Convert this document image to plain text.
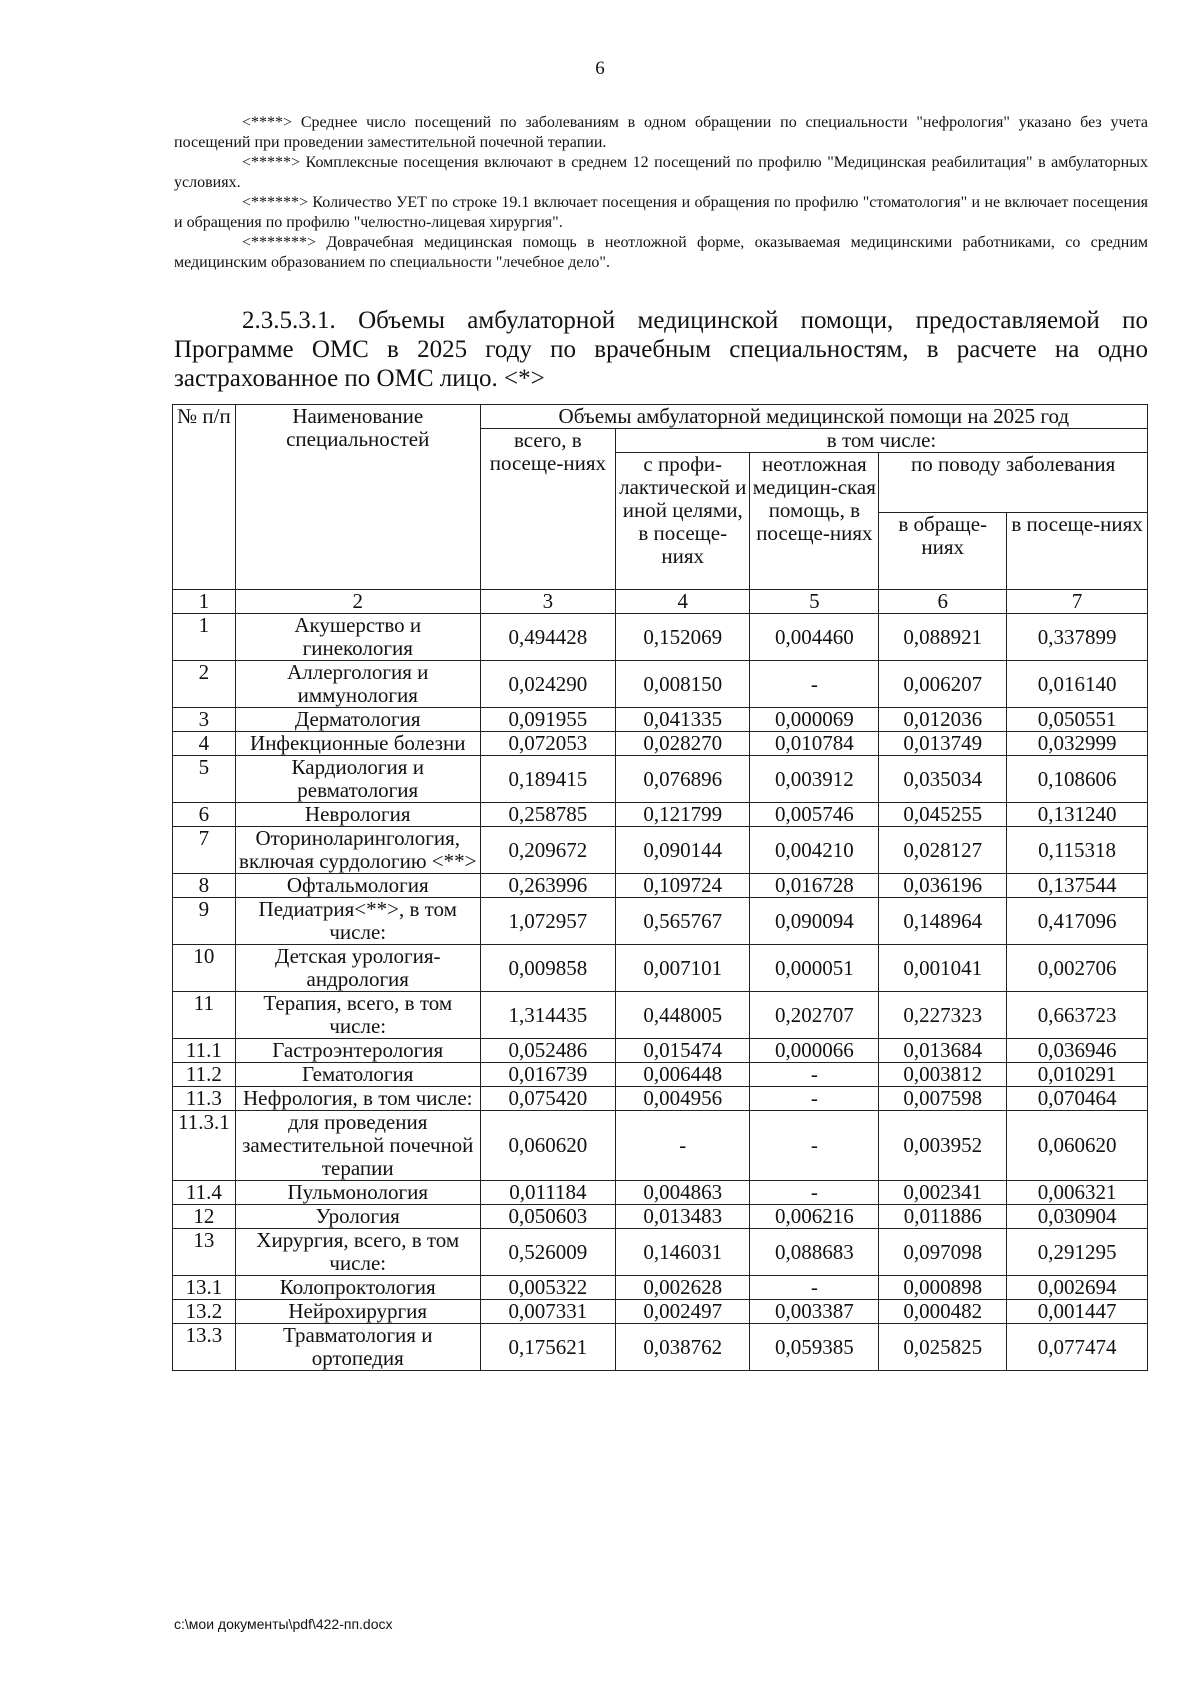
6

<****> Среднее число посещений по заболеваниям в одном обращении по специальности "нефрология" указано без учета посещений при проведении заместительной почечной терапии.

<*****> Комплексные посещения включают в среднем 12 посещений по профилю "Медицинская реабилитация" в амбулаторных условиях.

<******> Количество УЕТ по строке 19.1 включает посещения и обращения по профилю "стоматология" и не включает посещения и обращения по профилю "челюстно-лицевая хирургия".

<*******> Доврачебная медицинская помощь в неотложной форме, оказываемая медицинскими работниками, со средним медицинским образованием по специальности "лечебное дело".

2.3.5.3.1. Объемы амбулаторной медицинской помощи, предоставляемой по Программе ОМС в 2025 году по врачебным специальностям, в расчете на одно застрахованное по ОМС лицо. <*>

№ п/п	Наименование специальностей	Объемы амбулаторной медицинской помощи на 2025 год				
		всего, в посеще-ниях	в том числе:			
			с профи-лактической и иной целями, в посеще-ниях	неотложная медицин-ская помощь, в посеще-ниях	по поводу заболевания	
					в обраще-ниях	в посеще-ниях
1	2	3	4	5	6	7
1	Акушерство и гинекология	0,494428	0,152069	0,004460	0,088921	0,337899
2	Аллергология и иммунология	0,024290	0,008150	-	0,006207	0,016140
3	Дерматология	0,091955	0,041335	0,000069	0,012036	0,050551
4	Инфекционные болезни	0,072053	0,028270	0,010784	0,013749	0,032999
5	Кардиология и ревматология	0,189415	0,076896	0,003912	0,035034	0,108606
6	Неврология	0,258785	0,121799	0,005746	0,045255	0,131240
7	Оториноларингология, включая сурдологию <**>	0,209672	0,090144	0,004210	0,028127	0,115318
8	Офтальмология	0,263996	0,109724	0,016728	0,036196	0,137544
9	Педиатрия<**>, в том числе:	1,072957	0,565767	0,090094	0,148964	0,417096
10	Детская урология-андрология	0,009858	0,007101	0,000051	0,001041	0,002706
11	Терапия, всего, в том числе:	1,314435	0,448005	0,202707	0,227323	0,663723
11.1	Гастроэнтерология	0,052486	0,015474	0,000066	0,013684	0,036946
11.2	Гематология	0,016739	0,006448	-	0,003812	0,010291
11.3	Нефрология, в том числе:	0,075420	0,004956	-	0,007598	0,070464
11.3.1	для проведения заместительной почечной терапии	0,060620	-	-	0,003952	0,060620
11.4	Пульмонология	0,011184	0,004863	-	0,002341	0,006321
12	Урология	0,050603	0,013483	0,006216	0,011886	0,030904
13	Хирургия, всего, в том числе:	0,526009	0,146031	0,088683	0,097098	0,291295
13.1	Колопроктология	0,005322	0,002628	-	0,000898	0,002694
13.2	Нейрохирургия	0,007331	0,002497	0,003387	0,000482	0,001447
13.3	Травматология и ортопедия	0,175621	0,038762	0,059385	0,025825	0,077474
c:\мои документы\pdf\422-пп.docx
